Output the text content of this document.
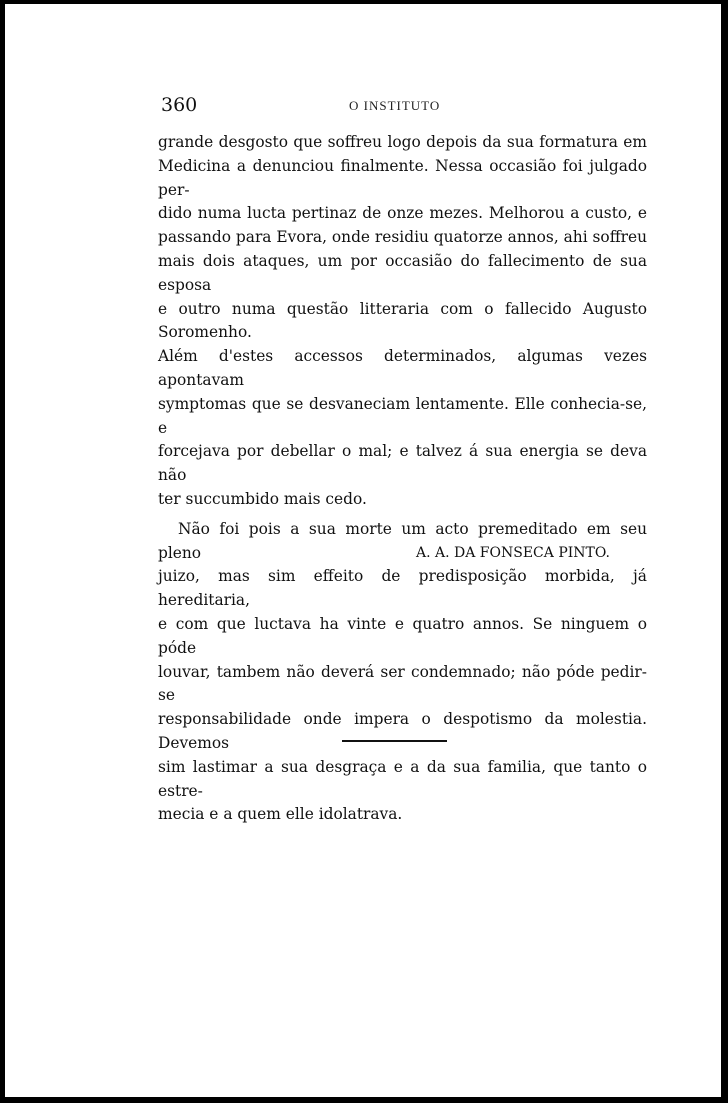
360	O INSTITUTO

grande desgosto que soffreu logo depois da sua formatura em
Medicina a denunciou finalmente. Nessa occasião foi julgado per-
dido numa lucta pertinaz de onze mezes. Melhorou a custo, e
passando para Evora, onde residiu quatorze annos, ahi soffreu
mais dois ataques, um por occasião do fallecimento de sua esposa
e outro numa questão litteraria com o fallecido Augusto Soromenho.
Além d'estes accessos determinados, algumas vezes apontavam
symptomas que se desvaneciam lentamente. Elle conhecia-se, e
forcejava por debellar o mal; e talvez á sua energia se deva não
ter succumbido mais cedo.

Não foi pois a sua morte um acto premeditado em seu pleno
juizo, mas sim effeito de predisposição morbida, já hereditaria,
e com que luctava ha vinte e quatro annos. Se ninguem o póde
louvar, tambem não deverá ser condemnado; não póde pedir-se
responsabilidade onde impera o despotismo da molestia. Devemos
sim lastimar a sua desgraça e a da sua familia, que tanto o estre-
mecia e a quem elle idolatrava.

A. A. DA FONSECA PINTO.
